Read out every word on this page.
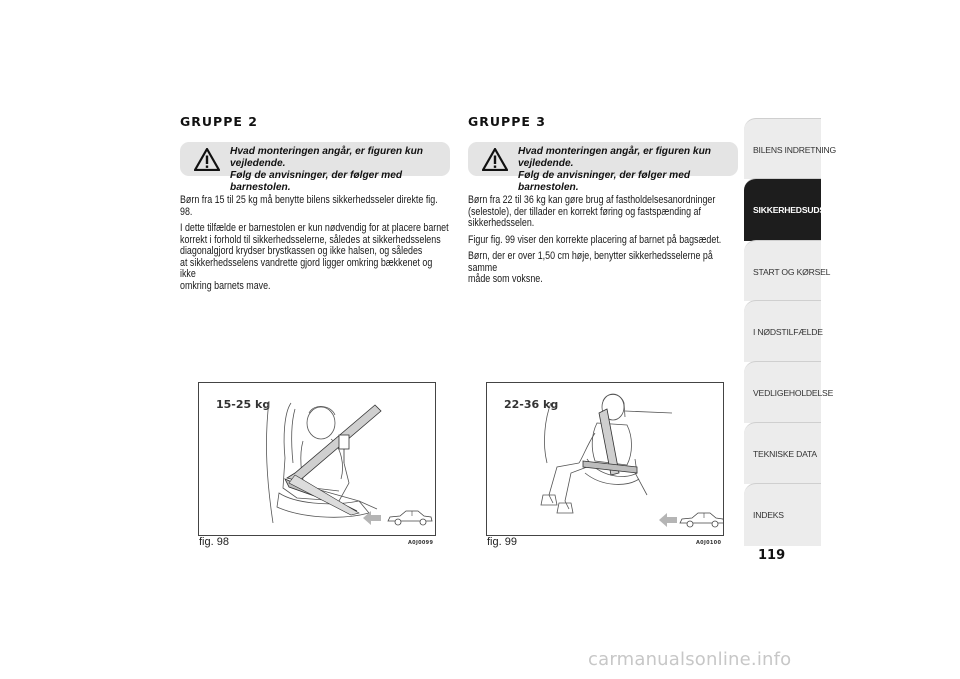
GRUPPE 2
Hvad monteringen angår, er figuren kun vejledende.
Følg de anvisninger, der følger med barnestolen.

Børn fra 15 til 25 kg må benytte bilens sikkerhedsseler direkte fig. 98.

I dette tilfælde er barnestolen er kun nødvendig for at placere barnet
korrekt i forhold til sikkerhedsselerne, således at sikkerhedsselens
diagonalgjord krydser brystkassen og ikke halsen, og således
at sikkerhedsselens vandrette gjord ligger omkring bækkenet og ikke
omkring barnets mave.

15-25 kg
fig. 98	A0J0099
GRUPPE 3
Hvad monteringen angår, er figuren kun vejledende.
Følg de anvisninger, der følger med barnestolen.

Børn fra 22 til 36 kg kan gøre brug af fastholdelsesanordninger
(selestole), der tillader en korrekt føring og fastspænding af
sikkerhedsselen.

Figur fig. 99 viser den korrekte placering af barnet på bagsædet.

Børn, der er over 1,50 cm høje, benytter sikkerhedsselerne på samme
måde som voksne.

22-36 kg
fig. 99	A0J0100
BILENS INDRETNING
SIKKERHEDSUDSTYR
START OG KØRSEL
I NØDSTILFÆLDE
VEDLIGEHOLDELSE
TEKNISKE DATA
INDEKS
119
carmanualsonline.info
